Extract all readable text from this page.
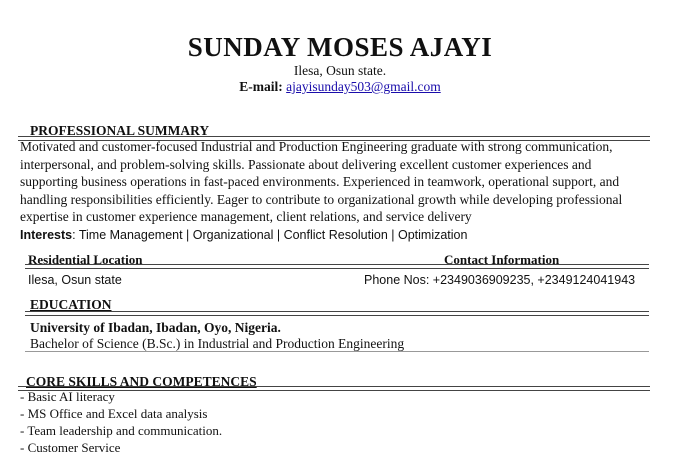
SUNDAY MOSES AJAYI
Ilesa, Osun state.
E-mail: ajayisunday503@gmail.com
PROFESSIONAL SUMMARY
Motivated and customer-focused Industrial and Production Engineering graduate with strong communication,
interpersonal, and problem-solving skills. Passionate about delivering excellent customer experiences and
supporting business operations in fast-paced environments. Experienced in teamwork, operational support, and
handling responsibilities efficiently. Eager to contribute to organizational growth while developing professional
expertise in customer experience management, client relations, and service delivery
Interests: Time Management | Organizational | Conflict Resolution | Optimization
Residential Location	Contact Information
Ilesa, Osun state	Phone Nos: +2349036909235, +2349124041943
EDUCATION
University of Ibadan, Ibadan, Oyo, Nigeria.
Bachelor of Science (B.Sc.) in Industrial and Production Engineering
CORE SKILLS AND COMPETENCES
- Basic AI literacy
- MS Office and Excel data analysis
- Team leadership and communication.
- Customer Service
